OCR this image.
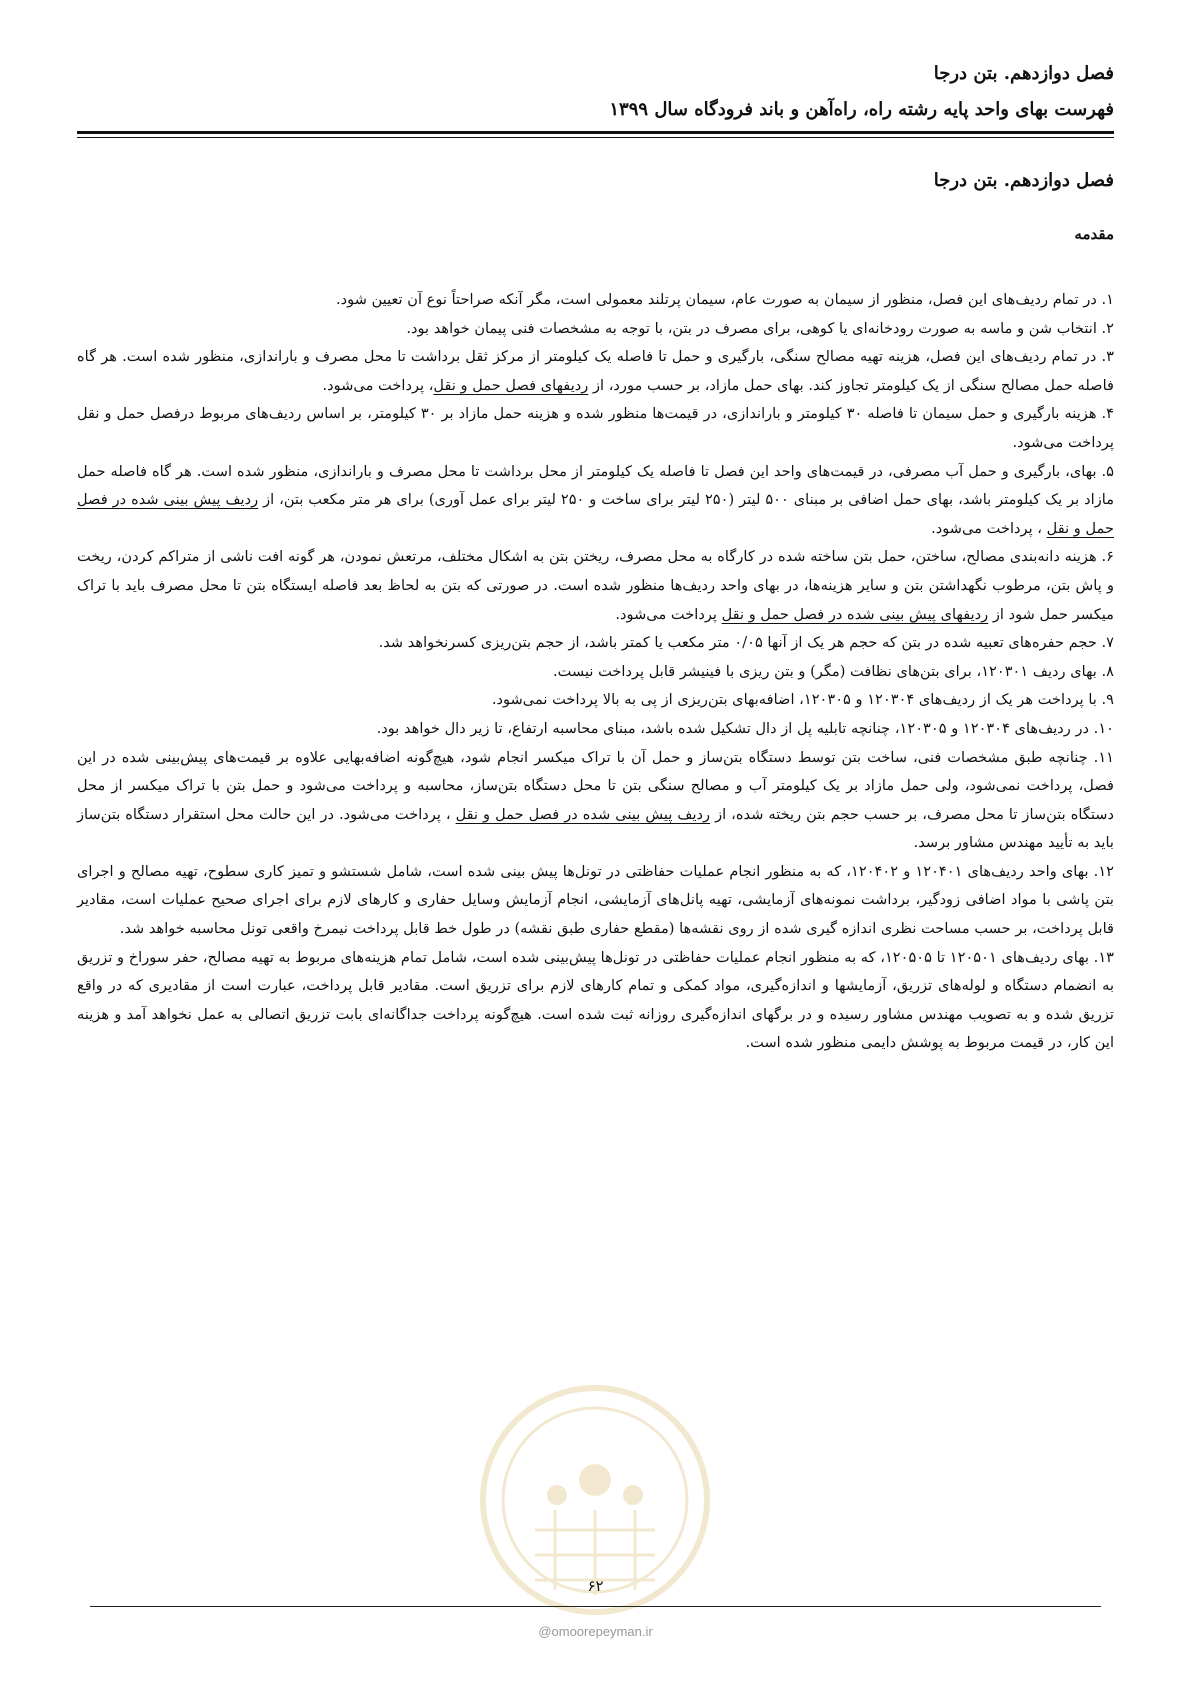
فصل دوازدهم. بتن درجا
فهرست بهای واحد پایه رشته راه، راه‌آهن و باند فرودگاه سال ۱۳۹۹
فصل دوازدهم. بتن درجا
مقدمه

۱. در تمام ردیف‌های این فصل، منظور از سیمان به صورت عام، سیمان پرتلند معمولی است، مگر آنکه صراحتاً نوع آن تعیین شود.

۲. انتخاب شن و ماسه به صورت رودخانه‌ای یا کوهی، برای مصرف در بتن، با توجه به مشخصات فنی پیمان خواهد بود.

۳. در تمام ردیف‌های این فصل، هزینه تهیه مصالح سنگی، بارگیری و حمل تا فاصله یک کیلومتر از مرکز ثقل برداشت تا محل مصرف و باراندازی، منظور شده است. هر گاه فاصله حمل مصالح سنگی از یک کیلومتر تجاوز کند. بهای حمل مازاد، بر حسب مورد، از ردیفهای فصل حمل و نقل، پرداخت می‌شود.

۴. هزینه بارگیری و حمل سیمان تا فاصله ۳۰ کیلومتر و باراندازی، در قیمت‌ها منظور شده و هزینه حمل مازاد بر ۳۰ کیلومتر، بر اساس ردیف‌های مربوط درفصل حمل و نقل پرداخت می‌شود.

۵. بهای، بارگیری و حمل آب مصرفی، در قیمت‌های واحد این فصل تا فاصله یک کیلومتر از محل برداشت تا محل مصرف و باراندازی، منظور شده است. هر گاه فاصله حمل مازاد بر یک کیلومتر باشد، بهای حمل اضافی بر مبنای ۵۰۰ لیتر (۲۵۰ لیتر برای ساخت و ۲۵۰ لیتر برای عمل آوری) برای هر متر مکعب بتن، از ردیف پیش بینی شده در فصل حمل و نقل ، پرداخت می‌شود.

۶. هزینه دانه‌بندی مصالح، ساختن، حمل بتن ساخته شده در کارگاه به محل مصرف، ریختن بتن به اشکال مختلف، مرتعش نمودن، هر گونه افت ناشی از متراکم کردن، ریخت و پاش بتن، مرطوب نگهداشتن بتن و سایر هزینه‌ها، در بهای واحد ردیف‌ها منظور شده است. در صورتی که بتن به لحاظ بعد فاصله ایستگاه بتن تا محل مصرف باید با تراک میکسر حمل شود از ردیفهای پیش بینی شده در فصل حمل و نقل پرداخت می‌شود.

۷. حجم حفره‌های تعبیه شده در بتن که حجم هر یک از آنها ۰/۰۵ متر مکعب یا کمتر باشد، از حجم بتن‌ریزی کسرنخواهد شد.

۸. بهای ردیف ۱۲۰۳۰۱، برای بتن‌های نظافت (مگر) و بتن ریزی با فینیشر قابل پرداخت نیست.

۹. با پرداخت هر یک از ردیف‌های ۱۲۰۳۰۴ و ۱۲۰۳۰۵، اضافه‌بهای بتن‌ریزی از پی به بالا پرداخت نمی‌شود.

۱۰. در ردیف‌های ۱۲۰۳۰۴ و ۱۲۰۳۰۵، چنانچه تابلیه پل از دال تشکیل شده باشد، مبنای محاسبه ارتفاع، تا زیر دال خواهد بود.

۱۱. چنانچه طبق مشخصات فنی، ساخت بتن توسط دستگاه بتن‌ساز و حمل آن با تراک میکسر انجام شود، هیچ‌گونه اضافه‌بهایی علاوه بر قیمت‌های پیش‌بینی شده در این فصل، پرداخت نمی‌شود، ولی حمل مازاد بر یک کیلومتر آب و مصالح سنگی بتن تا محل دستگاه بتن‌ساز، محاسبه و پرداخت می‌شود و حمل بتن با تراک میکسر از محل دستگاه بتن‌ساز تا محل مصرف، بر حسب حجم بتن ریخته شده، از ردیف پیش بینی شده در فصل حمل و نقل ، پرداخت می‌شود. در این حالت محل استقرار دستگاه بتن‌ساز باید به تأیید مهندس مشاور برسد.

۱۲. بهای واحد ردیف‌های ۱۲۰۴۰۱ و ۱۲۰۴۰۲، که به منظور انجام عملیات حفاظتی در تونل‌ها پیش بینی شده است، شامل شستشو و تمیز کاری سطوح، تهیه مصالح و اجرای بتن پاشی با مواد اضافی زودگیر، برداشت نمونه‌های آزمایشی، تهیه پانل‌های آزمایشی، انجام آزمایش وسایل حفاری و کارهای لازم برای اجرای صحیح عملیات است، مقادیر قابل پرداخت، بر حسب مساحت نظری اندازه گیری شده از روی نقشه‌ها (مقطع حفاری طبق نقشه) در طول خط قابل پرداخت نیمرخ واقعی تونل محاسبه خواهد شد.

۱۳. بهای ردیف‌های ۱۲۰۵۰۱ تا ۱۲۰۵۰۵، که به منظور انجام عملیات حفاظتی در تونل‌ها پیش‌بینی شده است، شامل تمام هزینه‌های مربوط به تهیه مصالح، حفر سوراخ و تزریق به انضمام دستگاه و لوله‌های تزریق، آزمایشها و اندازه‌گیری، مواد کمکی و تمام کارهای لازم برای تزریق است. مقادیر قابل پرداخت، عبارت است از مقادیری که در واقع تزریق شده و به تصویب مهندس مشاور رسیده و در برگهای اندازه‌گیری روزانه ثبت شده است. هیچ‌گونه پرداخت جداگانه‌ای بابت تزریق اتصالی به عمل نخواهد آمد و هزینه این کار، در قیمت مربوط به پوشش دایمی منظور شده است.

۶۲
@omoorepeyman.ir
